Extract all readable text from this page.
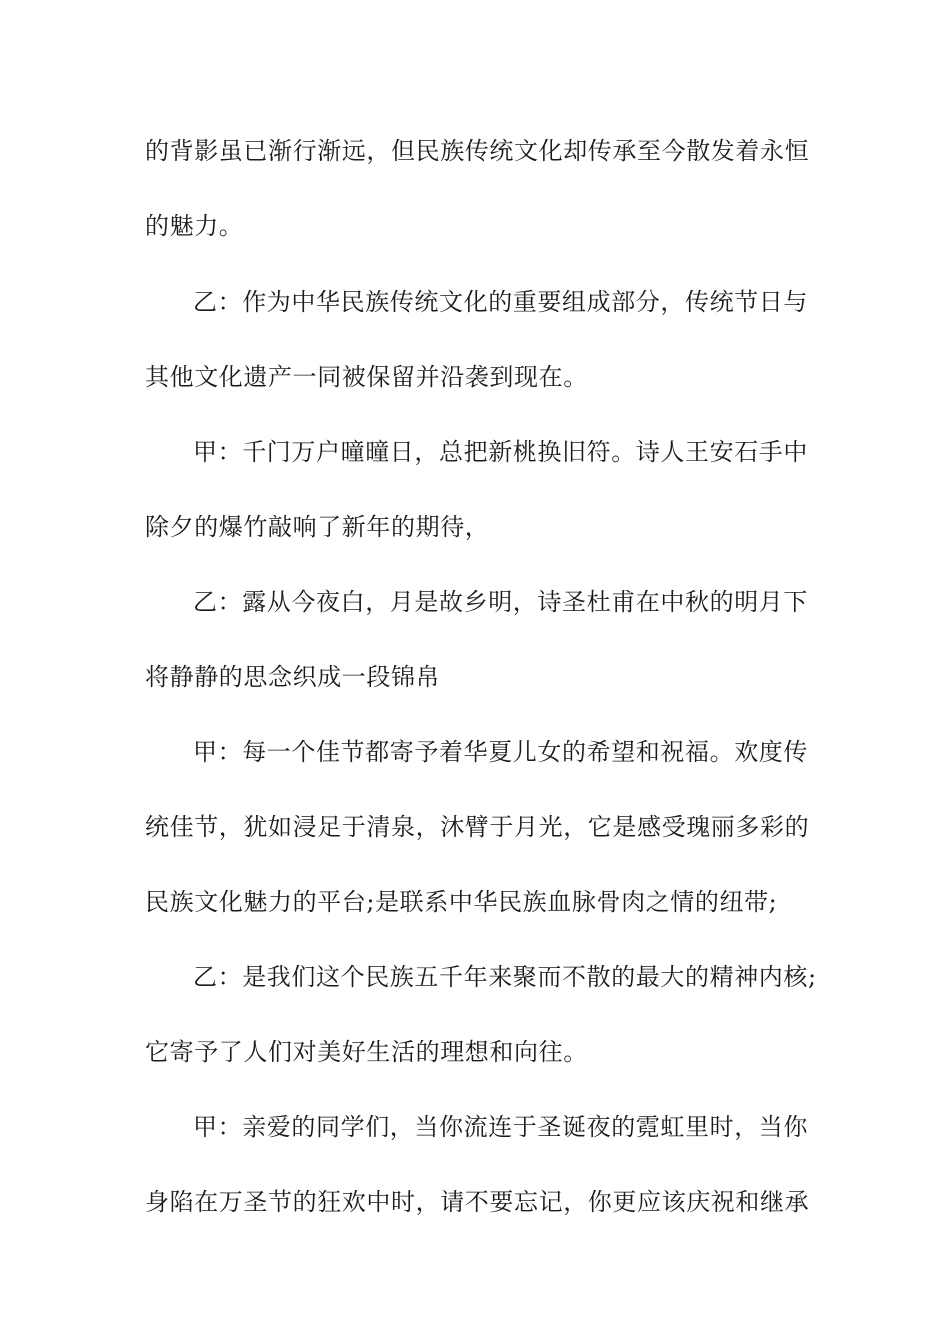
的背影虽已渐行渐远，但民族传统文化却传承至今散发着永恒
的魅力。
乙：作为中华民族传统文化的重要组成部分，传统节日与
其他文化遗产一同被保留并沿袭到现在。
甲：千门万户曈曈日，总把新桃换旧符。诗人王安石手中
除夕的爆竹敲响了新年的期待，
乙：露从今夜白，月是故乡明，诗圣杜甫在中秋的明月下
将静静的思念织成一段锦帛
甲：每一个佳节都寄予着华夏儿女的希望和祝福。欢度传
统佳节，犹如浸足于清泉，沐臂于月光，它是感受瑰丽多彩的
民族文化魅力的平台;是联系中华民族血脉骨肉之情的纽带;
乙：是我们这个民族五千年来聚而不散的最大的精神内核;
它寄予了人们对美好生活的理想和向往。
甲：亲爱的同学们，当你流连于圣诞夜的霓虹里时，当你
身陷在万圣节的狂欢中时，请不要忘记，你更应该庆祝和继承
